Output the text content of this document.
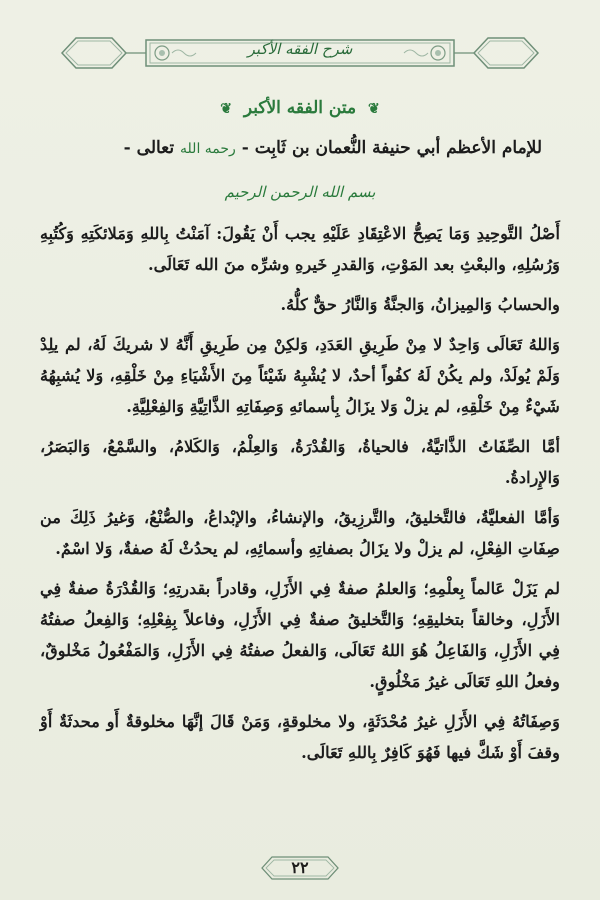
شرح الفقه الأكبر
❦ متن الفقه الأكبر ❦
للإمام الأعظم أبي حنيفة النُّعمان بن ثَابِت - رحمه الله تعالى -
بسم الله الرحمن الرحيم

أَصْلُ التَّوحِيدِ وَمَا يَصِحُّ الاعْتِقَادِ عَلَيْهِ يجب أَنْ يَقُولَ: آمَنْتُ بِاللهِ وَمَلائكَتِهِ وَكُتُبِهِ وَرُسُلِهِ، والبعْثِ بعد المَوْتِ، وَالقدرِ خَيرهِ وشرِّه منَ الله تَعَالَى.

والحسابُ وَالمِيزانُ، وَالجنَّةُ وَالنَّارُ حقٌّ كلُّهُ.

وَاللهُ تَعَالَى وَاحِدٌ لا مِنْ طَرِيقِ العَدَدِ، وَلكِنْ مِن طَرِيقِ أَنَّهُ لا شريكَ لَهُ، لم يلِدْ وَلَمْ يُولَدْ، ولم يكُنْ لَهُ كفُواً أحدٌ، لا يُشْبِهُ شَيْئاً مِنَ الأَشْيَاءِ مِنْ خَلْقِهِ، وَلا يُشبِهُهُ شَيْءٌ مِنْ خَلْقِهِ، لم يزلْ وَلا يزَالُ بِأسمائهِ وَصِفَاتِهِ الذَّاتِيَّةِ وَالفِعْلِيَّةِ.

أمَّا الصِّفَاتُ الذَّاتيَّةُ، فالحياةُ، وَالقُدْرَةُ، وَالعِلْمُ، وَالكَلامُ، والسَّمْعُ، وَالبَصَرُ، وَالإِرادةُ.

وَأمَّا الفعليَّةُ، فالتَّخليقُ، والتَّرزِيقُ، والإنشاءُ، والإبْداعُ، والصُّنْعُ، وَغيرُ ذَلِكَ من صِفَاتِ الفِعْلِ، لم يزلْ ولا يزَالُ بصفاتِهِ وأسمائِهِ، لم يحدُثْ لَهُ صفةٌ، وَلا اسْمٌ.

لم يَزَلْ عَالماً بِعلْمِهِ؛ وَالعلمُ صفةٌ فِي الأَزَلِ، وقادراً بقدرتِهِ؛ وَالقُدْرَةُ صفةٌ فِي الأَزَلِ، وخالقاً بتخليقِهِ؛ وَالتَّخليقُ صفةٌ فِي الأَزَلِ، وفاعلاً بِفِعْلِهِ؛ وَالفِعلُ صفتُهُ فِي الأَزَلِ، وَالفَاعِلُ هُوَ اللهُ تَعَالَى، وَالفعلُ صفتُهُ فِي الأَزَلِ، وَالمَفْعُولُ مَخْلوقٌ، وفعلُ اللهِ تَعَالَى غيرُ مَخْلُوقٍ.

وَصِفَاتُهُ فِي الأَزَلِ غيرُ مُحْدَثَةٍ، ولا مخلوقةٍ، وَمَنْ قَالَ إنَّهَا مخلوقةٌ أَو محدثَةٌ أَوْ وقفَ أَوْ شَكَّ فيها فَهُوَ كَافِرٌ بِاللهِ تَعَالَى.

٢٢
